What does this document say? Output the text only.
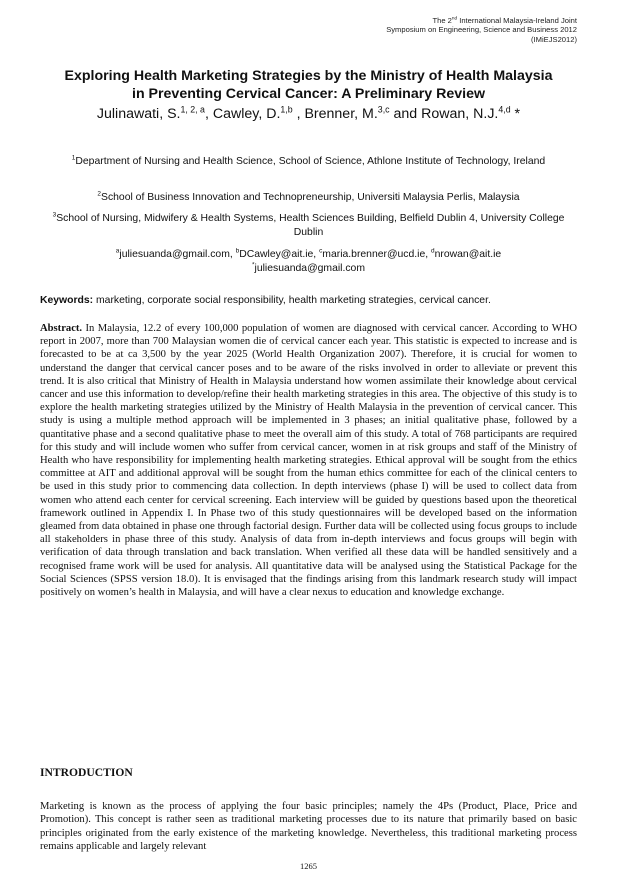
The 2nd International Malaysia-Ireland Joint
Symposium on Engineering, Science and Business 2012
(IMiEJS2012)
Exploring Health Marketing Strategies by the Ministry of Health Malaysia
in Preventing Cervical Cancer: A Preliminary Review
Julinawati, S.$^{1, 2, a}$, Cawley, D.$^{1,b}$ , Brenner, M.$^{3,c}$ and Rowan, N.J.$^{4,d}$ *
$^1$Department of Nursing and Health Science, School of Science, Athlone Institute of Technology, Ireland
$^2$School of Business Innovation and Technopreneurship, Universiti Malaysia Perlis, Malaysia
$^3$School of Nursing, Midwifery & Health Systems, Health Sciences Building, Belfield Dublin 4, University College Dublin
$^a$juliesuanda@gmail.com, $^b$DCawley@ait.ie, $^c$maria.brenner@ucd.ie, $^d$nrowan@ait.ie
*juliesuanda@gmail.com
Keywords: marketing, corporate social responsibility, health marketing strategies, cervical cancer.
Abstract. In Malaysia, 12.2 of every 100,000 population of women are diagnosed with cervical cancer. According to WHO report in 2007, more than 700 Malaysian women die of cervical cancer each year. This statistic is expected to increase and is forecasted to be at ca 3,500 by the year 2025 (World Health Organization 2007). Therefore, it is crucial for women to understand the danger that cervical cancer poses and to be aware of the risks involved in order to alleviate or prevent this trend. It is also critical that Ministry of Health in Malaysia understand how women assimilate their knowledge about cervical cancer and use this information to develop/refine their health marketing strategies in this area. The objective of this study is to explore the health marketing strategies utilized by the Ministry of Health Malaysia in the prevention of cervical cancer. This study is using a multiple method approach will be implemented in 3 phases; an initial qualitative phase, followed by a quantitative phase and a second qualitative phase to meet the overall aim of this study. A total of 768 participants are required for this study and will include women who suffer from cervical cancer, women in at risk groups and staff of the Ministry of Health who have responsibility for implementing health marketing strategies. Ethical approval will be sought from the ethics committee at AIT and additional approval will be sought from the human ethics committee for each of the clinical centers to be used in this study prior to commencing data collection. In depth interviews (phase I) will be used to collect data from women who attend each center for cervical screening. Each interview will be guided by questions based upon the theoretical framework outlined in Appendix I. In Phase two of this study questionnaires will be developed based on the information gleamed from data obtained in phase one through factorial design. Further data will be collected using focus groups to include all stakeholders in phase three of this study. Analysis of data from in-depth interviews and focus groups will begin with verification of data through translation and back translation. When verified all these data will be handled sensitively and a recognised frame work will be used for analysis. All quantitative data will be analysed using the Statistical Package for the Social Sciences (SPSS version 18.0). It is envisaged that the findings arising from this landmark research study will impact positively on women’s health in Malaysia, and will have a clear nexus to education and knowledge exchange.
INTRODUCTION
Marketing is known as the process of applying the four basic principles; namely the 4Ps (Product, Place, Price and Promotion). This concept is rather seen as traditional marketing processes due to its nature that primarily based on basic principles originated from the early existence of the marketing knowledge. Nevertheless, this traditional marketing process remains applicable and largely relevant
1265
